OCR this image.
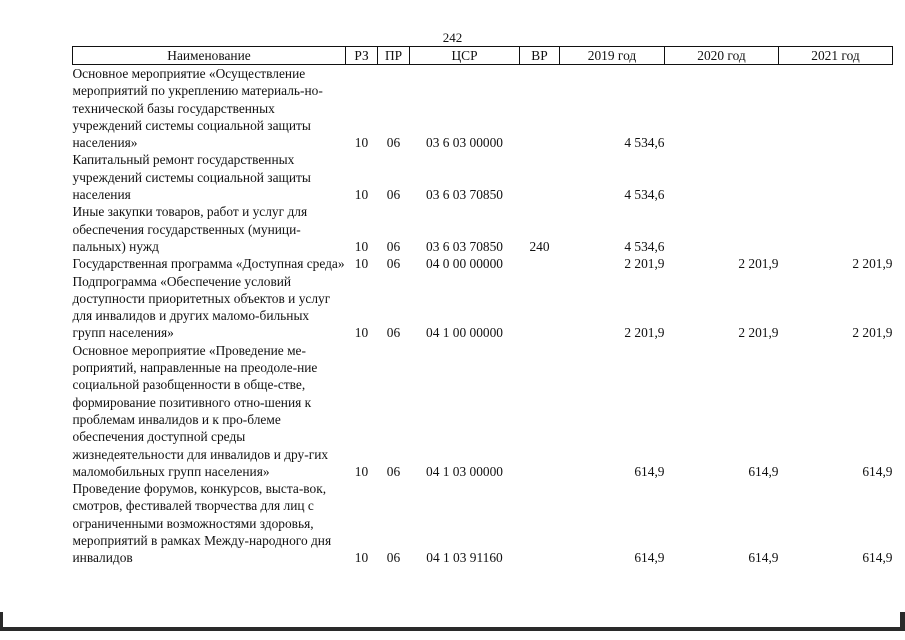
242
Наименование	РЗ	ПР	ЦСР	ВР	2019 год	2020 год	2021 год
Основное мероприятие «Осуществление мероприятий по укреплению материаль-но-технической базы государственных учреждений системы социальной защиты населения»	10	06	03 6 03 00000		4 534,6		
Капитальный ремонт государственных учреждений системы социальной защиты населения	10	06	03 6 03 70850		4 534,6		
Иные закупки товаров, работ и услуг для обеспечения государственных (муници-пальных) нужд	10	06	03 6 03 70850	240	4 534,6		
Государственная программа «Доступная среда»	10	06	04 0 00 00000		2 201,9	2 201,9	2 201,9
Подпрограмма «Обеспечение условий доступности приоритетных объектов и услуг для инвалидов и других маломо-бильных групп населения»	10	06	04 1 00 00000		2 201,9	2 201,9	2 201,9
Основное мероприятие «Проведение ме-роприятий, направленные на преодоле-ние социальной разобщенности в обще-стве, формирование позитивного отно-шения к проблемам инвалидов и к про-блеме обеспечения доступной среды жизнедеятельности для инвалидов и дру-гих маломобильных групп населения»	10	06	04 1 03 00000		614,9	614,9	614,9
Проведение форумов, конкурсов, выста-вок, смотров, фестивалей творчества для лиц с ограниченными возможностями здоровья, мероприятий в рамках Между-народного дня инвалидов	10	06	04 1 03 91160		614,9	614,9	614,9
